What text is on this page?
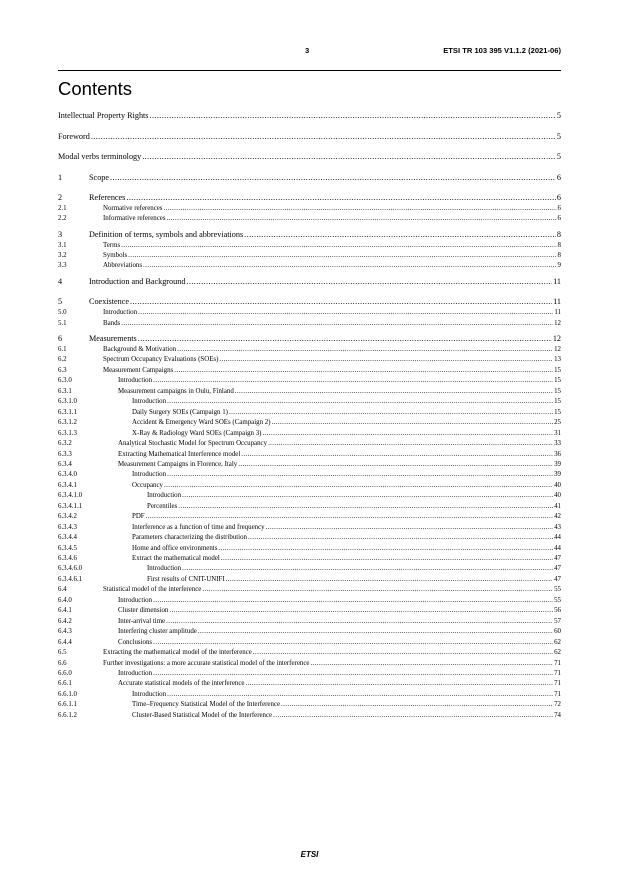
3	ETSI TR 103 395 V1.1.2 (2021-06)
Contents
Intellectual Property Rights .....	5
Foreword .....	5
Modal verbs terminology .....	5
1	Scope .....	6
2	References .....	6
2.1	Normative references .....	6
2.2	Informative references .....	6
3	Definition of terms, symbols and abbreviations .....	8
3.1	Terms .....	8
3.2	Symbols .....	8
3.3	Abbreviations .....	9
4	Introduction and Background .....	11
5	Coexistence .....	11
5.0	Introduction .....	11
5.1	Bands .....	12
6	Measurements .....	12
6.1	Background & Motivation .....	12
6.2	Spectrum Occupancy Evaluations (SOEs) .....	13
6.3	Measurement Campaigns .....	15
6.3.0	Introduction .....	15
6.3.1	Measurement campaigns in Oulu, Finland .....	15
6.3.1.0	Introduction .....	15
6.3.1.1	Daily Surgery SOEs (Campaign 1) .....	15
6.3.1.2	Accident & Emergency Ward SOEs (Campaign 2) .....	25
6.3.1.3	X-Ray & Radiology Ward SOEs (Campaign 3) .....	31
6.3.2	Analytical Stochastic Model for Spectrum Occupancy .....	33
6.3.3	Extracting Mathematical Interference model .....	36
6.3.4	Measurement Campaigns in Florence, Italy .....	39
6.3.4.0	Introduction .....	39
6.3.4.1	Occupancy .....	40
6.3.4.1.0	Introduction .....	40
6.3.4.1.1	Percentiles .....	41
6.3.4.2	PDF .....	42
6.3.4.3	Interference as a function of time and frequency .....	43
6.3.4.4	Parameters characterizing the distribution .....	44
6.3.4.5	Home and office environments .....	44
6.3.4.6	Extract the mathematical model .....	47
6.3.4.6.0	Introduction .....	47
6.3.4.6.1	First results of CNIT-UNIFI .....	47
6.4	Statistical model of the interference .....	55
6.4.0	Introduction .....	55
6.4.1	Cluster dimension .....	56
6.4.2	Inter-arrival time .....	57
6.4.3	Interfering cluster amplitude .....	60
6.4.4	Conclusions .....	62
6.5	Extracting the mathematical model of the interference .....	62
6.6	Further investigations: a more accurate statistical model of the interference .....	71
6.6.0	Introduction .....	71
6.6.1	Accurate statistical models of the interference .....	71
6.6.1.0	Introduction .....	71
6.6.1.1	Time–Frequency Statistical Model of the Interference .....	72
6.6.1.2	Cluster-Based Statistical Model of the Interference .....	74
ETSI
